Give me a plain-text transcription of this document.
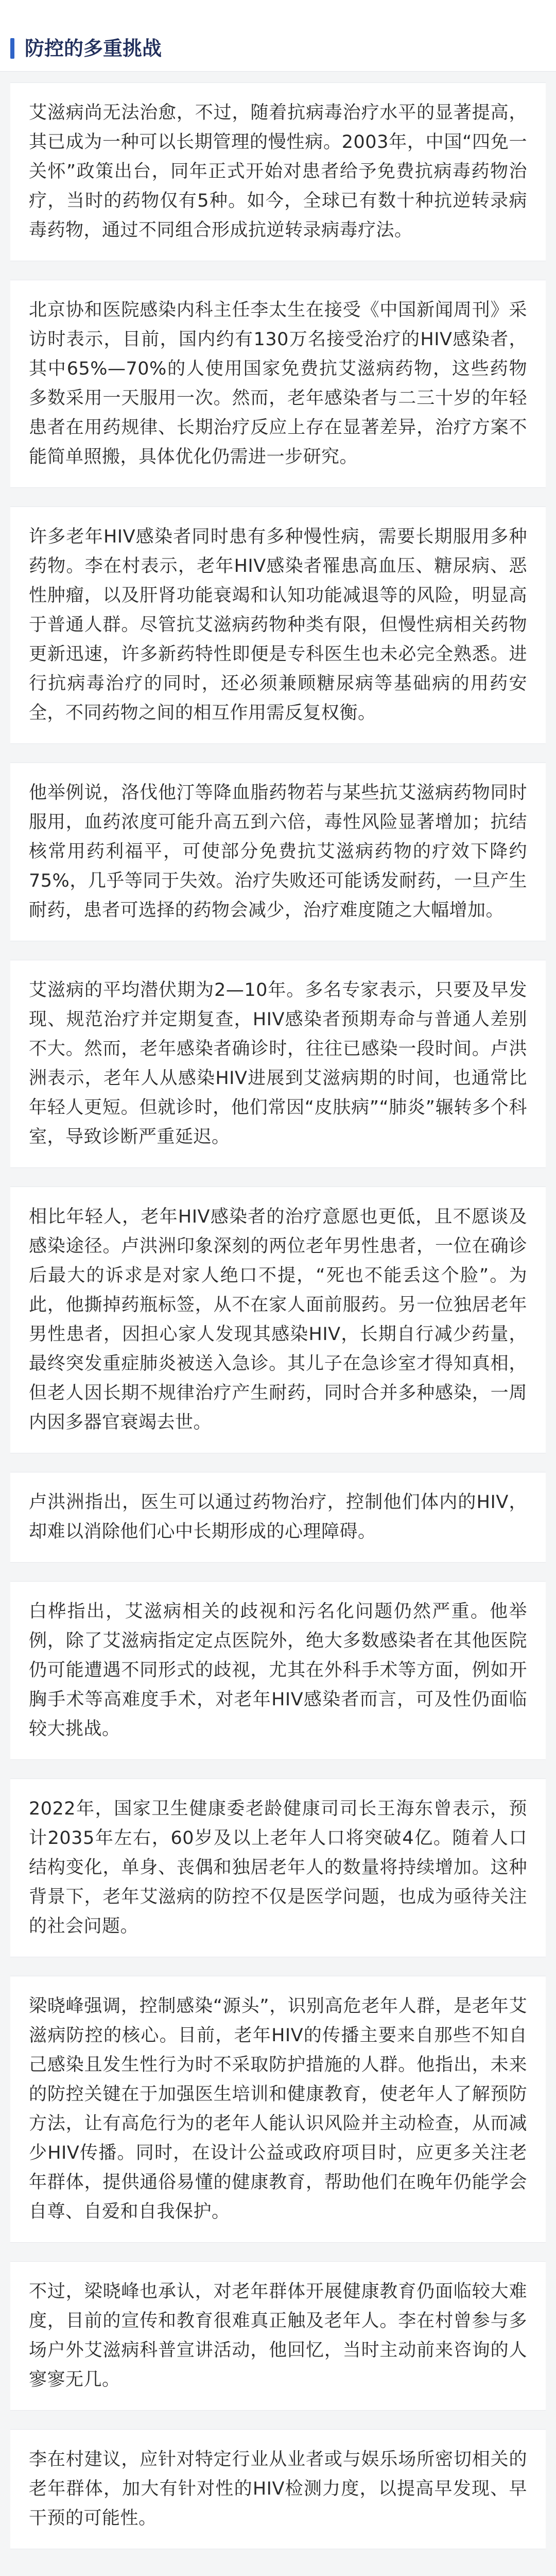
防控的多重挑战

艾滋病尚无法治愈，不过，随着抗病毒治疗水平的显著提高，其已成为一种可以长期管理的慢性病。2003年，中国“四免一关怀”政策出台，同年正式开始对患者给予免费抗病毒药物治疗，当时的药物仅有5种。如今，全球已有数十种抗逆转录病毒药物，通过不同组合形成抗逆转录病毒疗法。

北京协和医院感染内科主任李太生在接受《中国新闻周刊》采访时表示，目前，国内约有130万名接受治疗的HIV感染者，其中65%—70%的人使用国家免费抗艾滋病药物，这些药物多数采用一天服用一次。然而，老年感染者与二三十岁的年轻患者在用药规律、长期治疗反应上存在显著差异，治疗方案不能简单照搬，具体优化仍需进一步研究。

许多老年HIV感染者同时患有多种慢性病，需要长期服用多种药物。李在村表示，老年HIV感染者罹患高血压、糖尿病、恶性肿瘤，以及肝肾功能衰竭和认知功能减退等的风险，明显高于普通人群。尽管抗艾滋病药物种类有限，但慢性病相关药物更新迅速，许多新药特性即便是专科医生也未必完全熟悉。进行抗病毒治疗的同时，还必须兼顾糖尿病等基础病的用药安全，不同药物之间的相互作用需反复权衡。

他举例说，洛伐他汀等降血脂药物若与某些抗艾滋病药物同时服用，血药浓度可能升高五到六倍，毒性风险显著增加；抗结核常用药利福平，可使部分免费抗艾滋病药物的疗效下降约75%，几乎等同于失效。治疗失败还可能诱发耐药，一旦产生耐药，患者可选择的药物会减少，治疗难度随之大幅增加。

艾滋病的平均潜伏期为2—10年。多名专家表示，只要及早发现、规范治疗并定期复查，HIV感染者预期寿命与普通人差别不大。然而，老年感染者确诊时，往往已感染一段时间。卢洪洲表示，老年人从感染HIV进展到艾滋病期的时间，也通常比年轻人更短。但就诊时，他们常因“皮肤病”“肺炎”辗转多个科室，导致诊断严重延迟。

相比年轻人，老年HIV感染者的治疗意愿也更低，且不愿谈及感染途径。卢洪洲印象深刻的两位老年男性患者，一位在确诊后最大的诉求是对家人绝口不提，“死也不能丢这个脸”。为此，他撕掉药瓶标签，从不在家人面前服药。另一位独居老年男性患者，因担心家人发现其感染HIV，长期自行减少药量，最终突发重症肺炎被送入急诊。其儿子在急诊室才得知真相，但老人因长期不规律治疗产生耐药，同时合并多种感染，一周内因多器官衰竭去世。

卢洪洲指出，医生可以通过药物治疗，控制他们体内的HIV，却难以消除他们心中长期形成的心理障碍。

白桦指出，艾滋病相关的歧视和污名化问题仍然严重。他举例，除了艾滋病指定定点医院外，绝大多数感染者在其他医院仍可能遭遇不同形式的歧视，尤其在外科手术等方面，例如开胸手术等高难度手术，对老年HIV感染者而言，可及性仍面临较大挑战。

2022年，国家卫生健康委老龄健康司司长王海东曾表示，预计2035年左右，60岁及以上老年人口将突破4亿。随着人口结构变化，单身、丧偶和独居老年人的数量将持续增加。这种背景下，老年艾滋病的防控不仅是医学问题，也成为亟待关注的社会问题。

梁晓峰强调，控制感染“源头”，识别高危老年人群，是老年艾滋病防控的核心。目前，老年HIV的传播主要来自那些不知自己感染且发生性行为时不采取防护措施的人群。他指出，未来的防控关键在于加强医生培训和健康教育，使老年人了解预防方法，让有高危行为的老年人能认识风险并主动检查，从而减少HIV传播。同时，在设计公益或政府项目时，应更多关注老年群体，提供通俗易懂的健康教育，帮助他们在晚年仍能学会自尊、自爱和自我保护。

不过，梁晓峰也承认，对老年群体开展健康教育仍面临较大难度，目前的宣传和教育很难真正触及老年人。李在村曾参与多场户外艾滋病科普宣讲活动，他回忆，当时主动前来咨询的人寥寥无几。

李在村建议，应针对特定行业从业者或与娱乐场所密切相关的老年群体，加大有针对性的HIV检测力度，以提高早发现、早干预的可能性。
